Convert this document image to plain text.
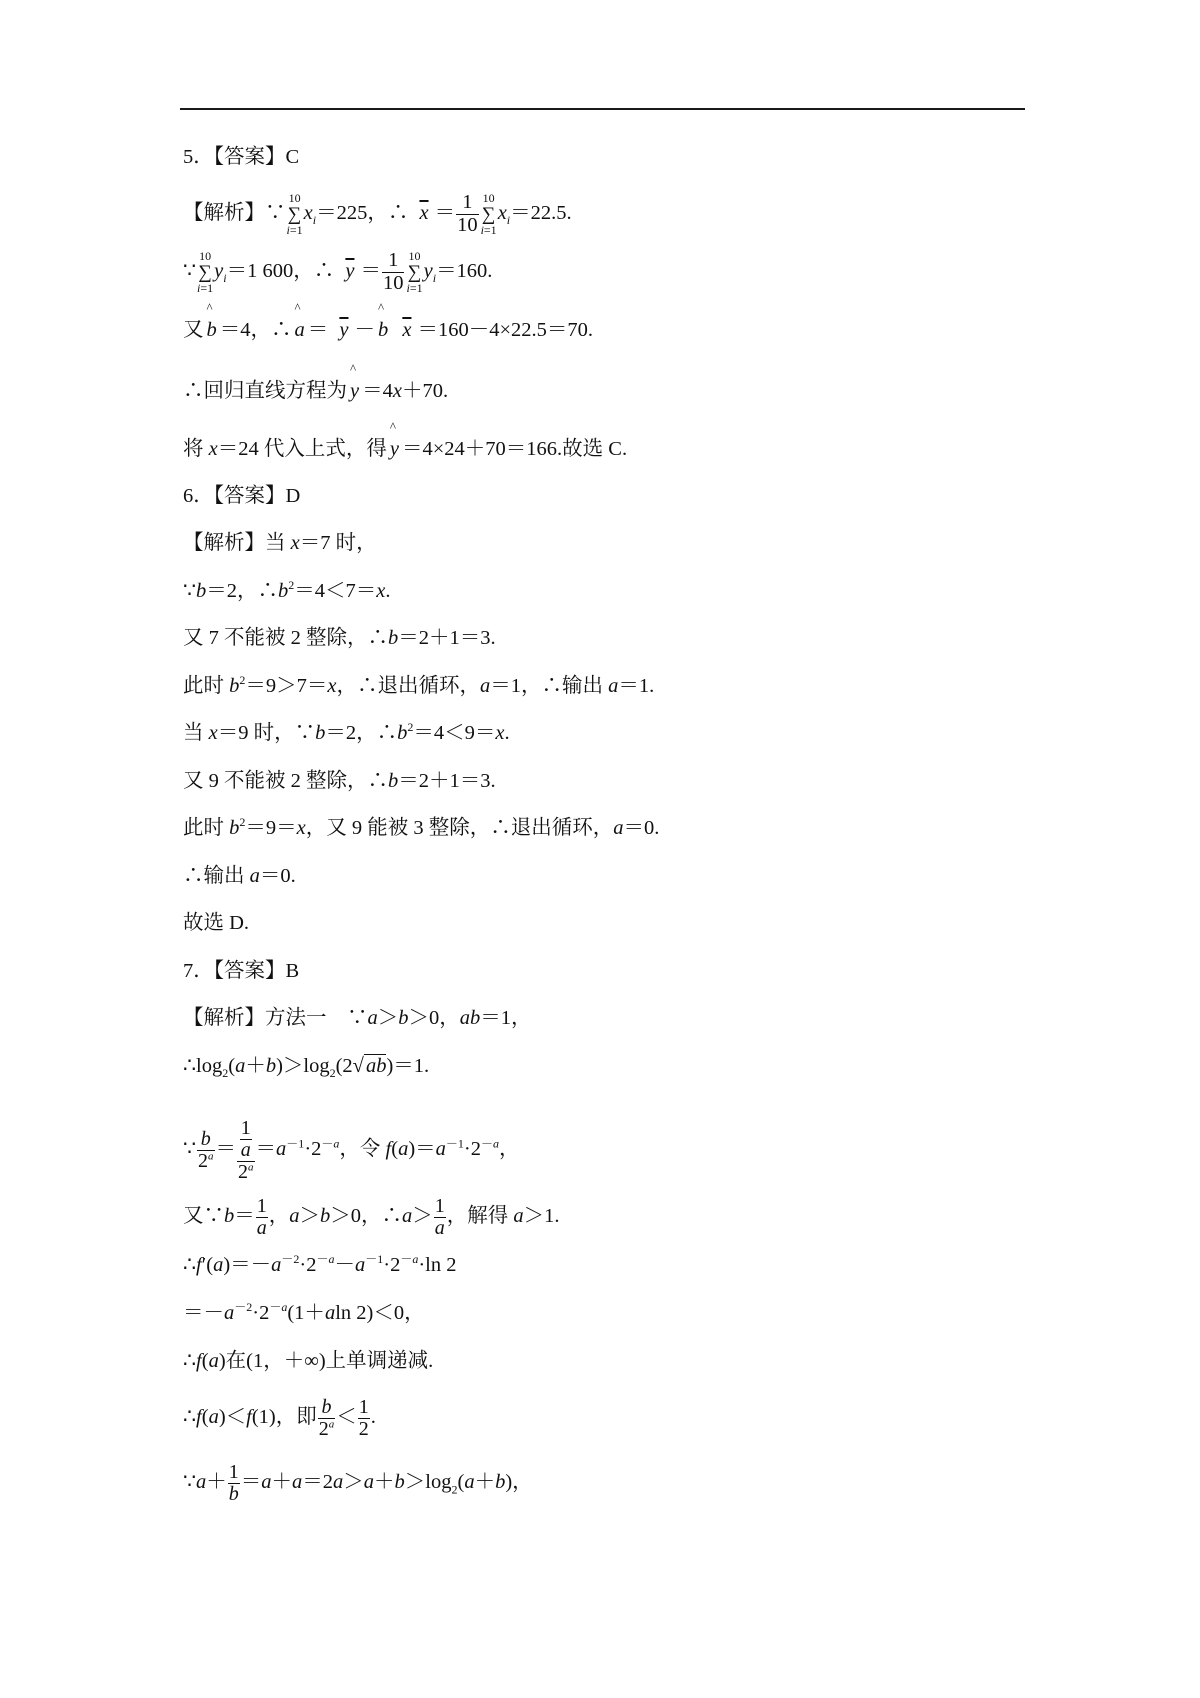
5．【答案】C
【解析】∵
10
∑
i=1
$x_i=225$，∴ $\overline{x} = \frac{1}{10} 10$
∑
i=1
$x_i=22.5$.
∵
10
∑
i=1
$y_i=1$ 600，∴ $\overline{y} = \frac{1}{10} 10$
∑
i=1
$y_i=160$.
又 ^ b ＝4，∴ ^ $a = \overline{y}$ － ^ b $\overline{x} =160-4\times 22.5=70$.
∴回归直线方程为 ^ y ＝4x＋70.
将 x＝24 代入上式，得 ^ y ＝4×24＋70＝166.故选 C.
6．【答案】D
【解析】当 x＝7 时，
∵b＝2，$\therefore b^2=4<7=x$.
又 7 不能被 2 整除，∴b＝2＋1＝3.
此时 $b^2=9>7=x$，∴退出循环，a＝1，∴输出 a＝1.
当 x＝9 时，∵b＝2，$\therefore b^2=4<9=x$.
又 9 不能被 2 整除，∴b＝2＋1＝3.
此时 $b^2=9=x$，又 9 能被 3 整除，∴退出循环，a＝0.
∴输出 a＝0.
故选 D.
7．【答案】B
【解析】方法一　∵a＞b＞0，ab＝1，
$\therefore\log_2(a+b)>\log_2(2√ab)=1$.
∵ $\frac{b}{2^a} = \frac{\frac{1}{a}}{2^a} =a^{-1}\cdot 2^{-a}$，令 $f(a)=a^{-1}\cdot 2^{-a}$，
又∵b＝ $\frac{1}{a}$ ，a＞b＞0，∴a＞ $\frac{1}{a}$ ，解得 a＞1.
$\therefore f'(a)=-a^{-2}\cdot 2^{-a}-a^{-1}\cdot 2^{-a}\cdot\ln$ 2
$=-a^{-2}\cdot 2^{-a}(1+aln$ 2)＜0，
∴f(a)在(1，＋∞)上单调递减.
∴f(a)＜f(1)，即 $\frac{b}{2^a} < \frac{1}{2}$ .
∵a＋ $\frac{1}{b} =a+a=2a>a+b>\log_2(a+b)$，
